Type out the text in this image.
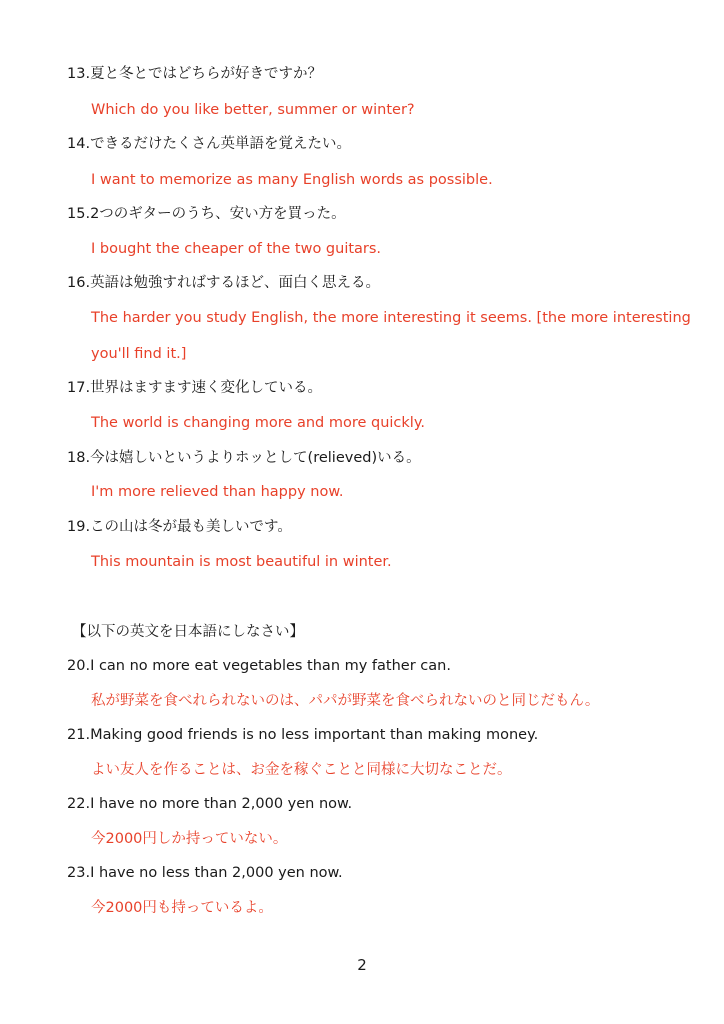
13.夏と冬とではどちらが好きですか？
Which do you like better, summer or winter?
14.できるだけたくさん英単語を覚えたい。
I want to memorize as many English words as possible.
15.2つのギターのうち、安い方を買った。
I bought the cheaper of the two guitars.
16.英語は勉強すればするほど、面白く思える。
The harder you study English, the more interesting it seems. [the more interesting
you'll find it.]
17.世界はますます速く変化している。
The world is changing more and more quickly.
18.今は嬉しいというよりホッとして(relieved)いる。
I'm more relieved than happy now.
19.この山は冬が最も美しいです。
This mountain is most beautiful in winter.
【以下の英文を日本語にしなさい】
20.I can no more eat vegetables than my father can.
私が野菜を食べれられないのは、パパが野菜を食べられないのと同じだもん。
21.Making good friends is no less important than making money.
よい友人を作ることは、お金を稼ぐことと同様に大切なことだ。
22.I have no more than 2,000 yen now.
今2000円しか持っていない。
23.I have no less than 2,000 yen now.
今2000円も持っているよ。
2
